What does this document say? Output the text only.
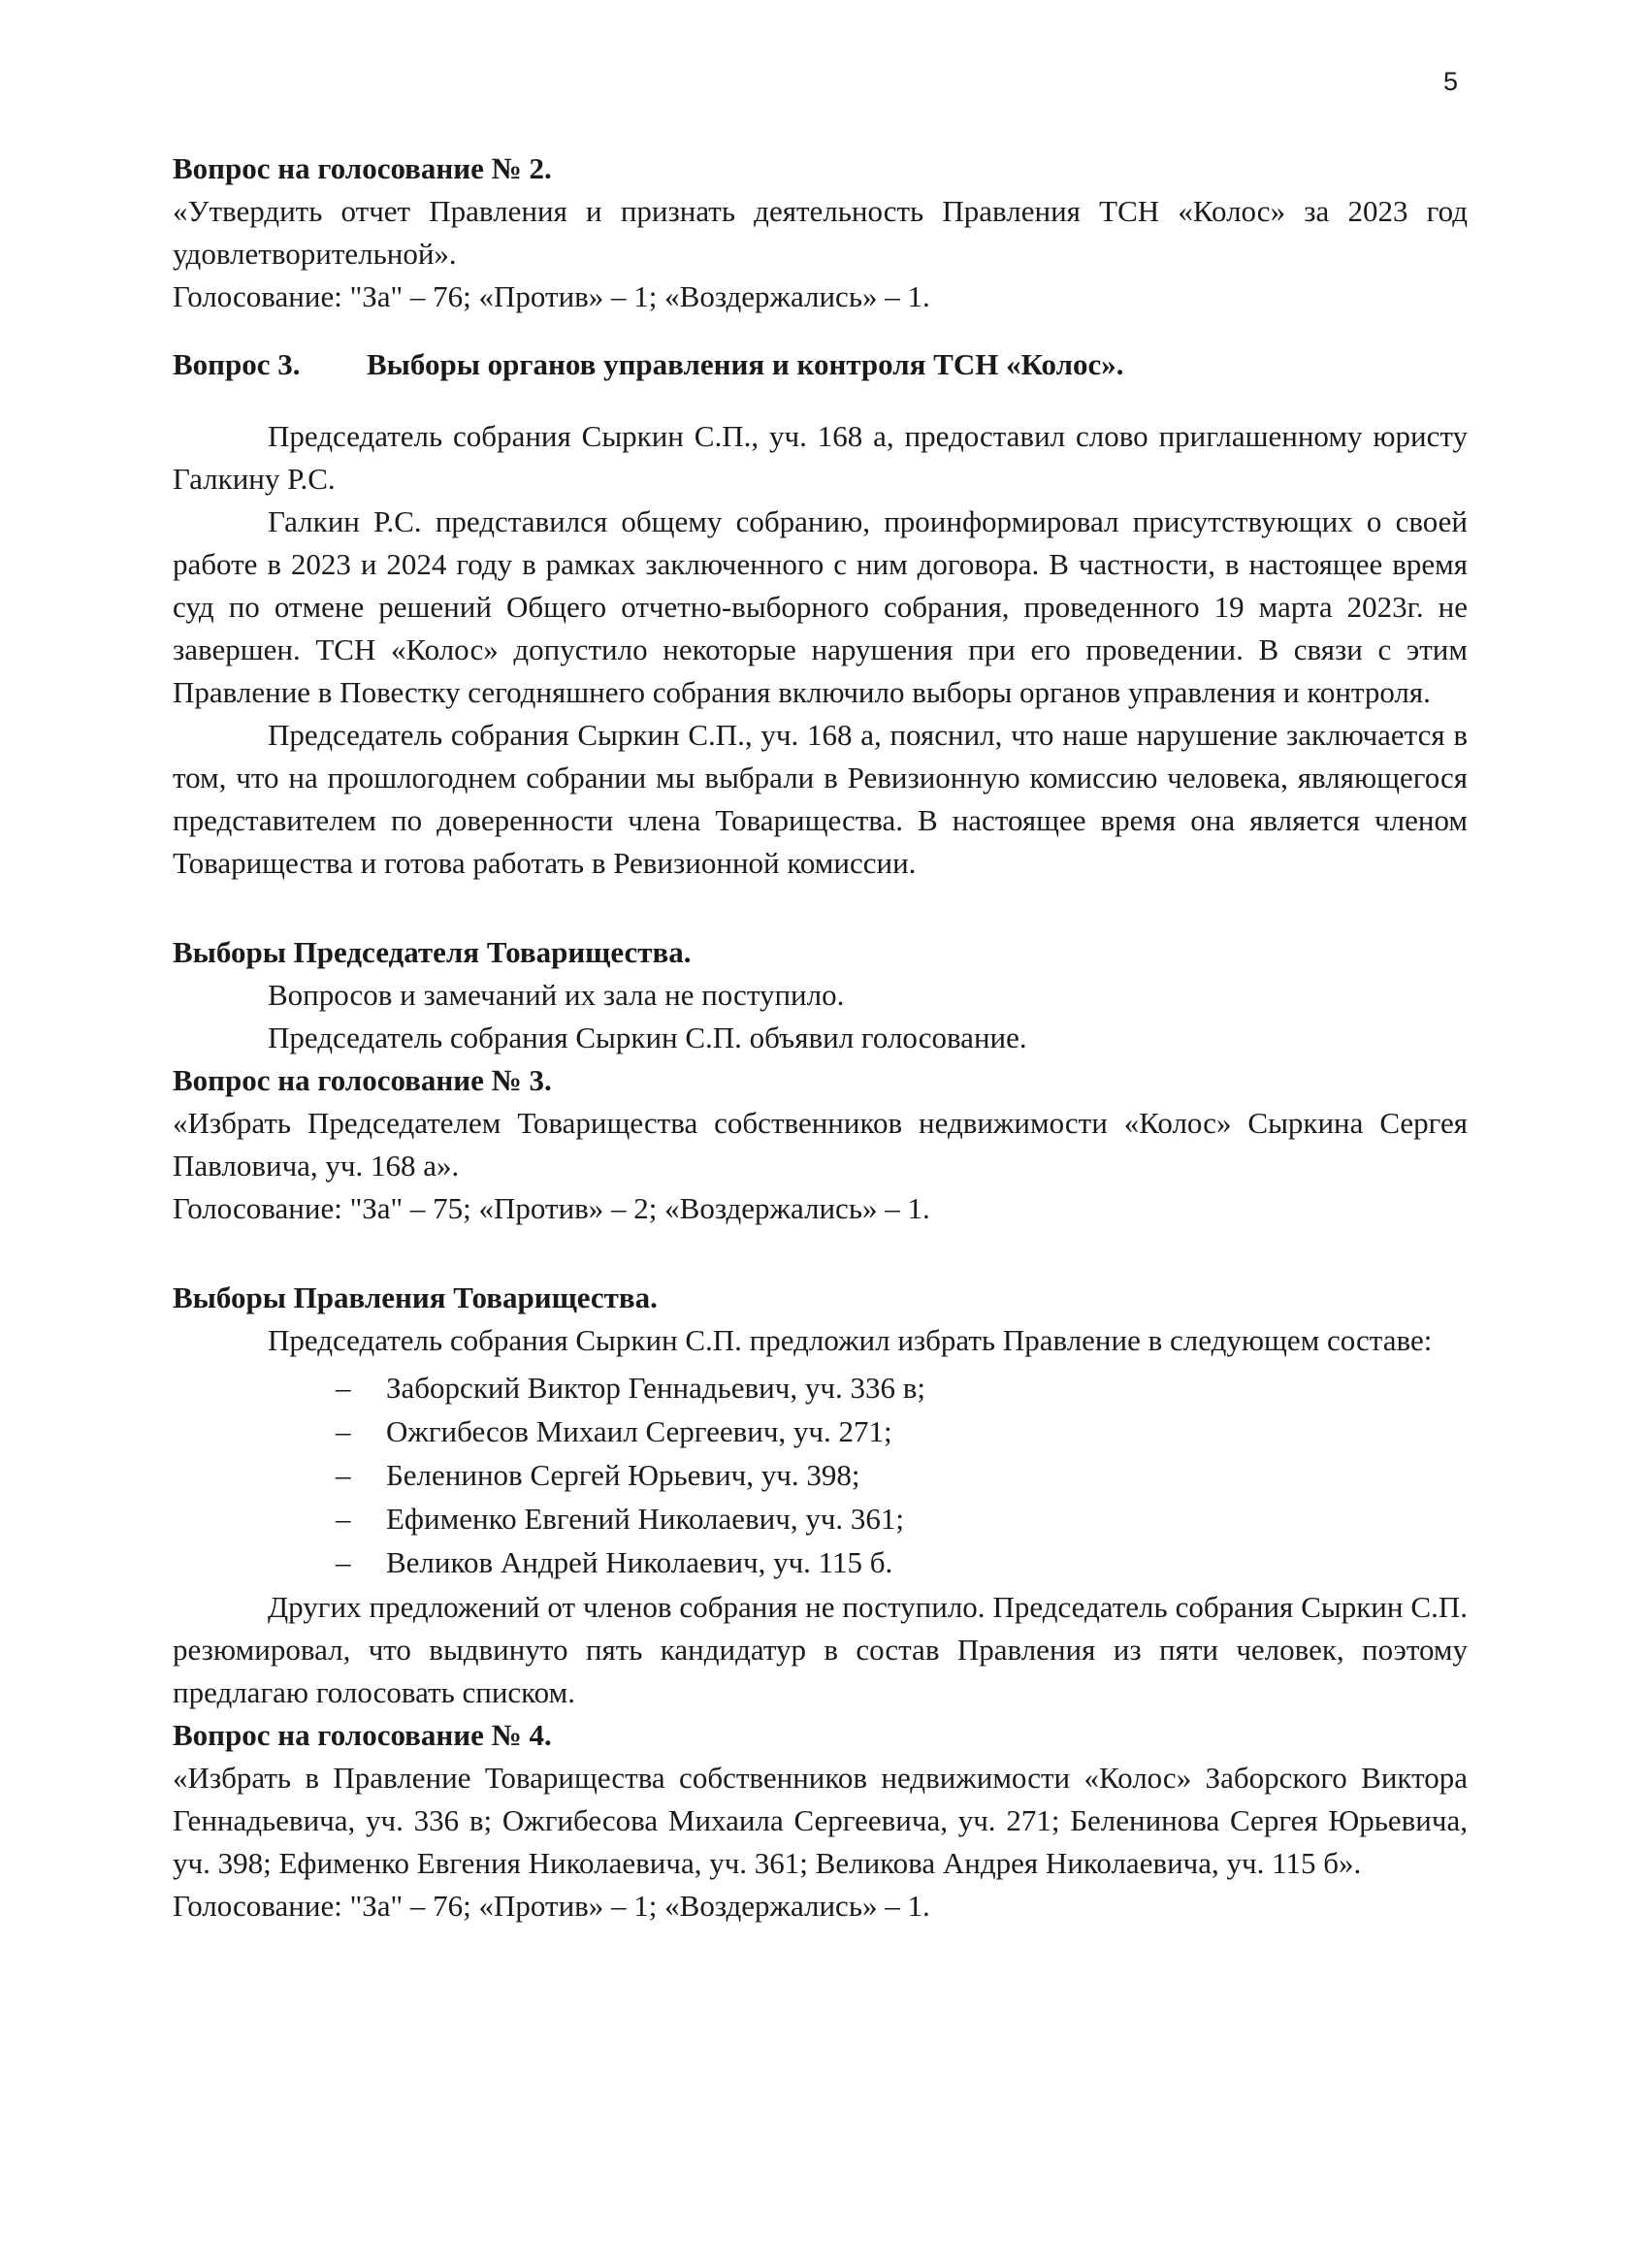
5

Вопрос на голосование № 2.

«Утвердить отчет Правления и признать деятельность Правления ТСН «Колос» за 2023 год удовлетворительной».

Голосование: "За" – 76; «Против» – 1; «Воздержались» – 1.

Вопрос 3.	Выборы органов управления и контроля ТСН «Колос».

Председатель собрания Сыркин С.П., уч. 168 а, предоставил слово приглашенному юристу Галкину Р.С.

Галкин Р.С. представился общему собранию, проинформировал присутствующих о своей работе в 2023 и 2024 году в рамках заключенного с ним договора. В частности, в настоящее время суд по отмене решений Общего отчетно-выборного собрания, проведенного 19 марта 2023г. не завершен. ТСН «Колос» допустило некоторые нарушения при его проведении. В связи с этим Правление в Повестку сегодняшнего собрания включило выборы органов управления и контроля.

Председатель собрания Сыркин С.П., уч. 168 а, пояснил, что наше нарушение заключается в том, что на прошлогоднем собрании мы выбрали в Ревизионную комиссию человека, являющегося представителем по доверенности члена Товарищества. В настоящее время она является членом Товарищества и готова работать в Ревизионной комиссии.

Выборы Председателя Товарищества.

Вопросов и замечаний их зала не поступило.

Председатель собрания Сыркин С.П. объявил голосование.

Вопрос на голосование № 3.

«Избрать Председателем Товарищества собственников недвижимости «Колос» Сыркина Сергея Павловича, уч. 168 а».

Голосование: "За" – 75; «Против» – 2; «Воздержались» – 1.

Выборы Правления Товарищества.

Председатель собрания Сыркин С.П. предложил избрать Правление в следующем составе:

–	Заборский Виктор Геннадьевич, уч. 336 в;
–	Ожгибесов Михаил Сергеевич, уч. 271;
–	Беленинов Сергей Юрьевич, уч. 398;
–	Ефименко Евгений Николаевич, уч. 361;
–	Великов Андрей Николаевич, уч. 115 б.

Других предложений от членов собрания не поступило. Председатель собрания Сыркин С.П. резюмировал, что выдвинуто пять кандидатур в состав Правления из пяти человек, поэтому предлагаю голосовать списком.

Вопрос на голосование № 4.

«Избрать в Правление Товарищества собственников недвижимости «Колос» Заборского Виктора Геннадьевича, уч. 336 в; Ожгибесова Михаила Сергеевича, уч. 271; Беленинова Сергея Юрьевича, уч. 398; Ефименко Евгения Николаевича, уч. 361; Великова Андрея Николаевича, уч. 115 б».

Голосование: "За" – 76; «Против» – 1; «Воздержались» – 1.
